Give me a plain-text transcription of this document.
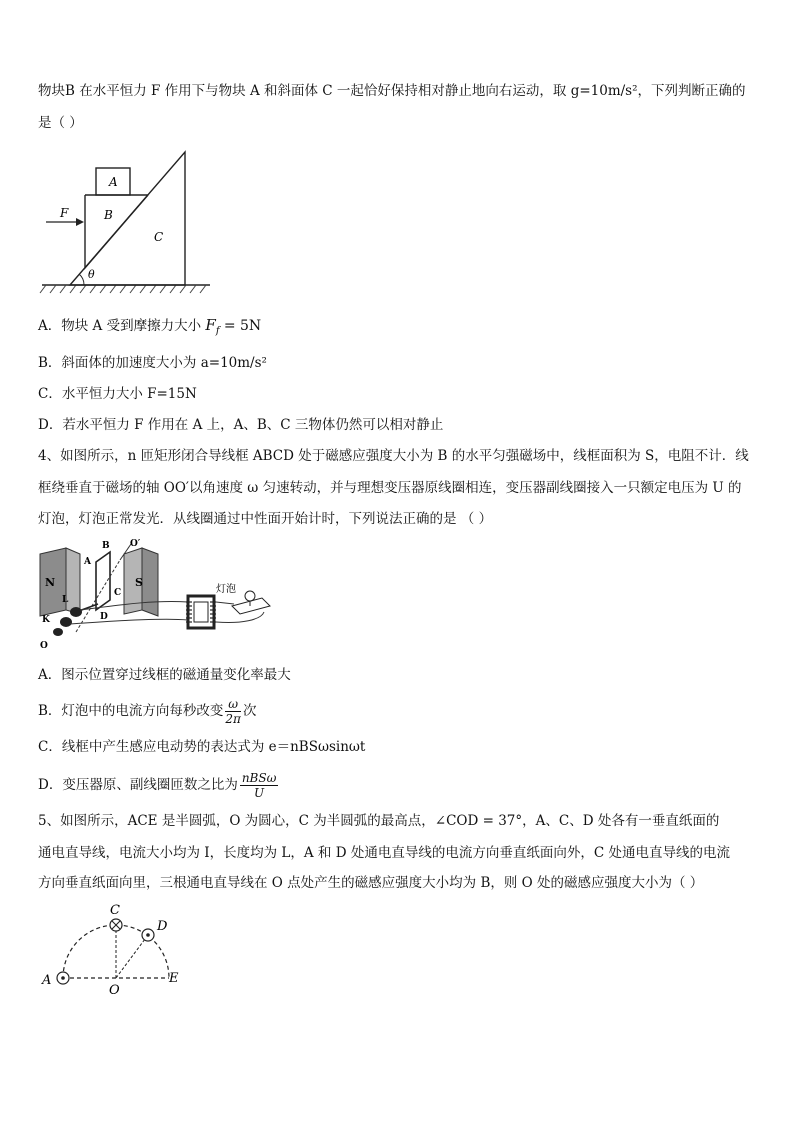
物块B 在水平恒力 F 作用下与物块 A 和斜面体 C 一起恰好保持相对静止地向右运动，取 g=10m/s²，下列判断正确的
是（ ）
A
B
C
F
θ
A．物块 A 受到摩擦力大小 $F_f = 5N$
B．斜面体的加速度大小为 a=10m/s²
C．水平恒力大小 F=15N
D．若水平恒力 F 作用在 A 上，A、B、C 三物体仍然可以相对静止
4、如图所示，n 匝矩形闭合导线框 ABCD 处于磁感应强度大小为 B 的水平匀强磁场中，线框面积为 S，电阻不计．线
框绕垂直于磁场的轴 OO′以角速度 ω 匀速转动，并与理想变压器原线圈相连，变压器副线圈接入一只额定电压为 U 的
灯泡，灯泡正常发光．从线圈通过中性面开始计时，下列说法正确的是 （ ）
N	S
A
B
C
D
L
K
O
O′
灯泡
A．图示位置穿过线框的磁通量变化率最大
B．灯泡中的电流方向每秒改变 $\frac{\omega}{2\pi}$ 次
C．线框中产生感应电动势的表达式为 e＝nBSωsinωt
D．变压器原、副线圈匝数之比为 $\frac{\text{nBSω}}{U}$
5、如图所示，ACE 是半圆弧，O 为圆心，C 为半圆弧的最高点，∠COD = 37°，A、C、D 处各有一垂直纸面的
通电直导线，电流大小均为 I，长度均为 L，A 和 D 处通电直导线的电流方向垂直纸面向外，C 处通电直导线的电流
方向垂直纸面向里，三根通电直导线在 O 点处产生的磁感应强度大小均为 B，则 O 处的磁感应强度大小为（ ）
A
C
D
E
O
